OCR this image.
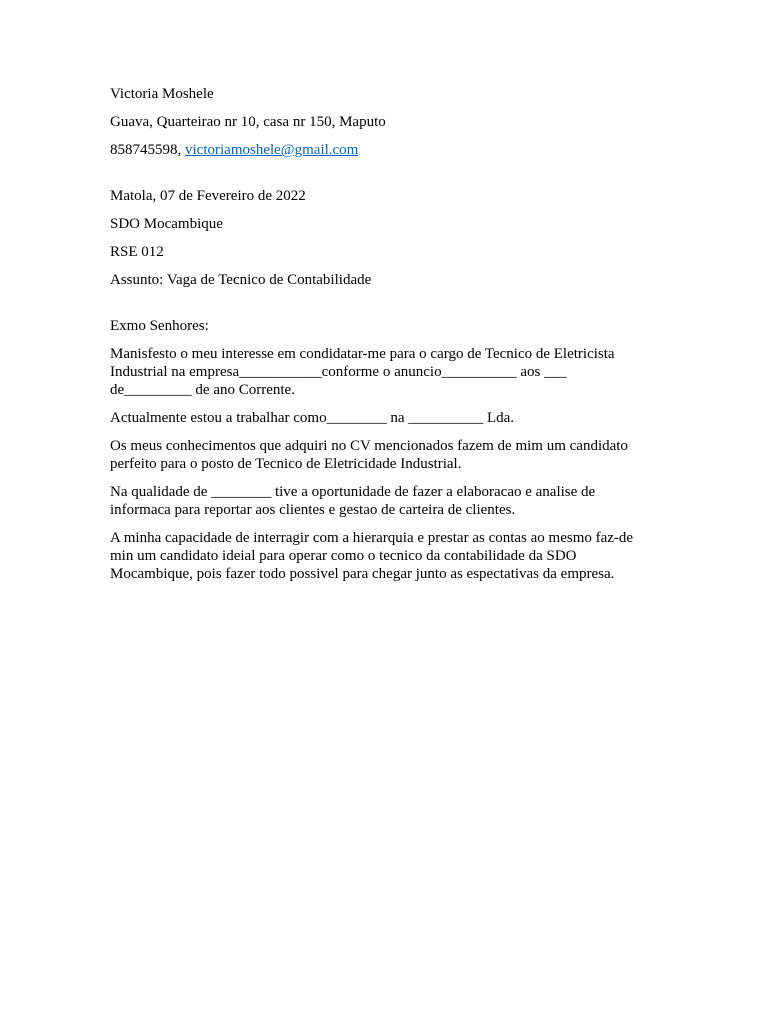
Victoria Moshele
Guava, Quarteirao nr 10, casa nr 150, Maputo
858745598, victoriamoshele@gmail.com
Matola, 07 de Fevereiro de 2022
SDO Mocambique
RSE 012
Assunto: Vaga de Tecnico de Contabilidade
Exmo Senhores:
Manisfesto o meu interesse em condidatar-me para o cargo de Tecnico de Eletricista
Industrial na empresa___________conforme o anuncio__________ aos ___
de_________ de ano Corrente.
Actualmente estou a trabalhar como________ na __________ Lda.
Os meus conhecimentos que adquiri no CV mencionados fazem de mim um candidato
perfeito para o posto de Tecnico de Eletricidade Industrial.
Na qualidade de ________ tive a oportunidade de fazer a elaboracao e analise de
informaca para reportar aos clientes e gestao de carteira de clientes.
A minha capacidade de interragir com a hierarquia e prestar as contas ao mesmo faz-de
min um candidato ideial para operar como o tecnico da contabilidade da SDO
Mocambique, pois fazer todo possivel para chegar junto as espectativas da empresa.
